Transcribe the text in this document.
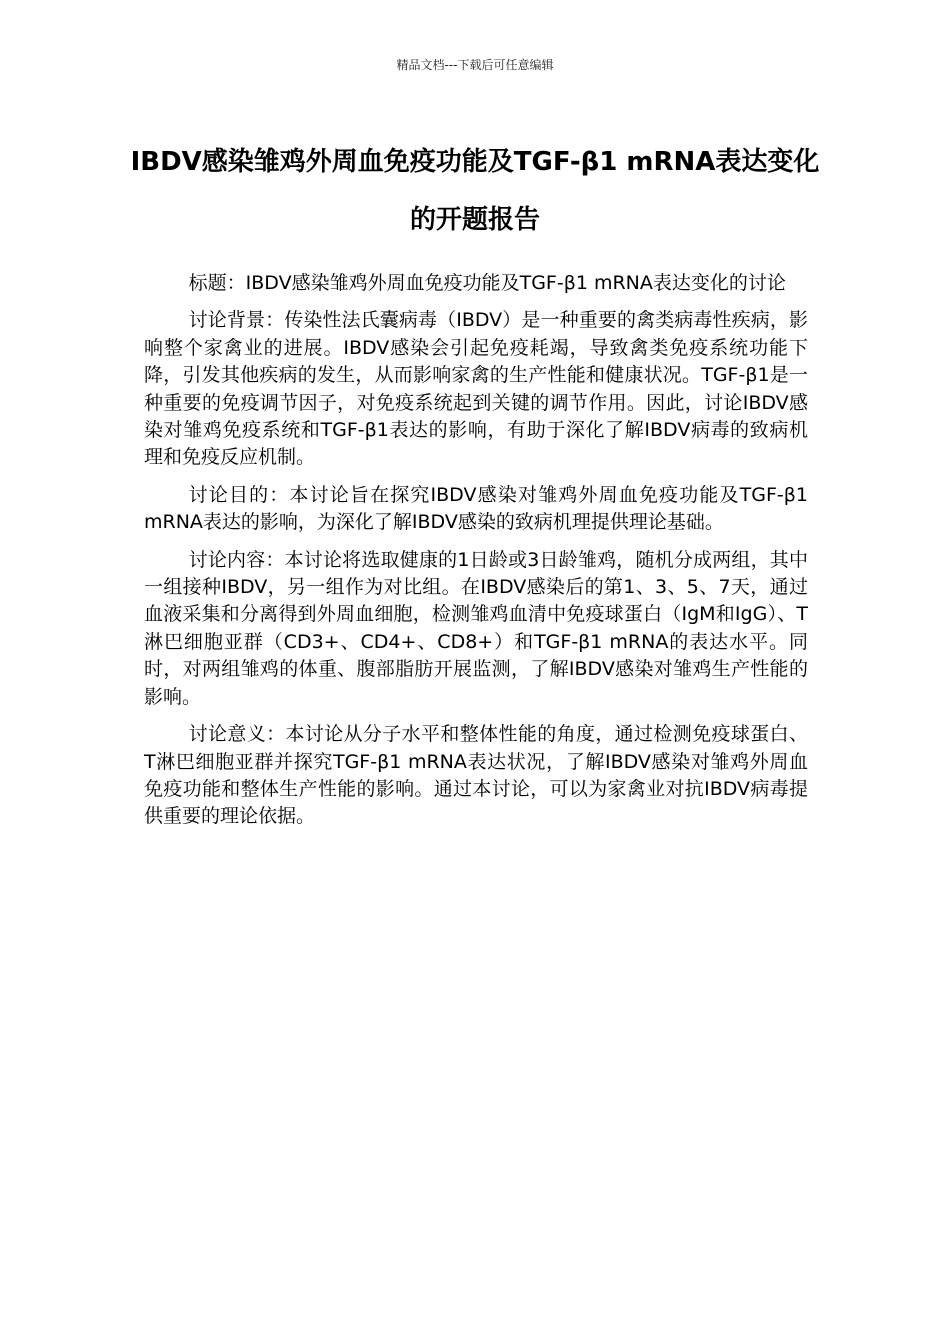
精品文档---下载后可任意编辑
IBDV感染雏鸡外周血免疫功能及TGF-β1 mRNA表达变化的开题报告

标题：IBDV感染雏鸡外周血免疫功能及TGF-β1 mRNA表达变化的讨论

讨论背景：传染性法氏囊病毒（IBDV）是一种重要的禽类病毒性疾病，影响整个家禽业的进展。IBDV感染会引起免疫耗竭，导致禽类免疫系统功能下降，引发其他疾病的发生，从而影响家禽的生产性能和健康状况。TGF-β1是一种重要的免疫调节因子，对免疫系统起到关键的调节作用。因此，讨论IBDV感染对雏鸡免疫系统和TGF-β1表达的影响，有助于深化了解IBDV病毒的致病机理和免疫反应机制。

讨论目的：本讨论旨在探究IBDV感染对雏鸡外周血免疫功能及TGF-β1 mRNA表达的影响，为深化了解IBDV感染的致病机理提供理论基础。

讨论内容：本讨论将选取健康的1日龄或3日龄雏鸡，随机分成两组，其中一组接种IBDV，另一组作为对比组。在IBDV感染后的第1、3、5、7天，通过血液采集和分离得到外周血细胞，检测雏鸡血清中免疫球蛋白（IgM和IgG）、T淋巴细胞亚群（CD3+、CD4+、CD8+）和TGF-β1 mRNA的表达水平。同时，对两组雏鸡的体重、腹部脂肪开展监测，了解IBDV感染对雏鸡生产性能的影响。

讨论意义：本讨论从分子水平和整体性能的角度，通过检测免疫球蛋白、T淋巴细胞亚群并探究TGF-β1 mRNA表达状况，了解IBDV感染对雏鸡外周血免疫功能和整体生产性能的影响。通过本讨论，可以为家禽业对抗IBDV病毒提供重要的理论依据。
